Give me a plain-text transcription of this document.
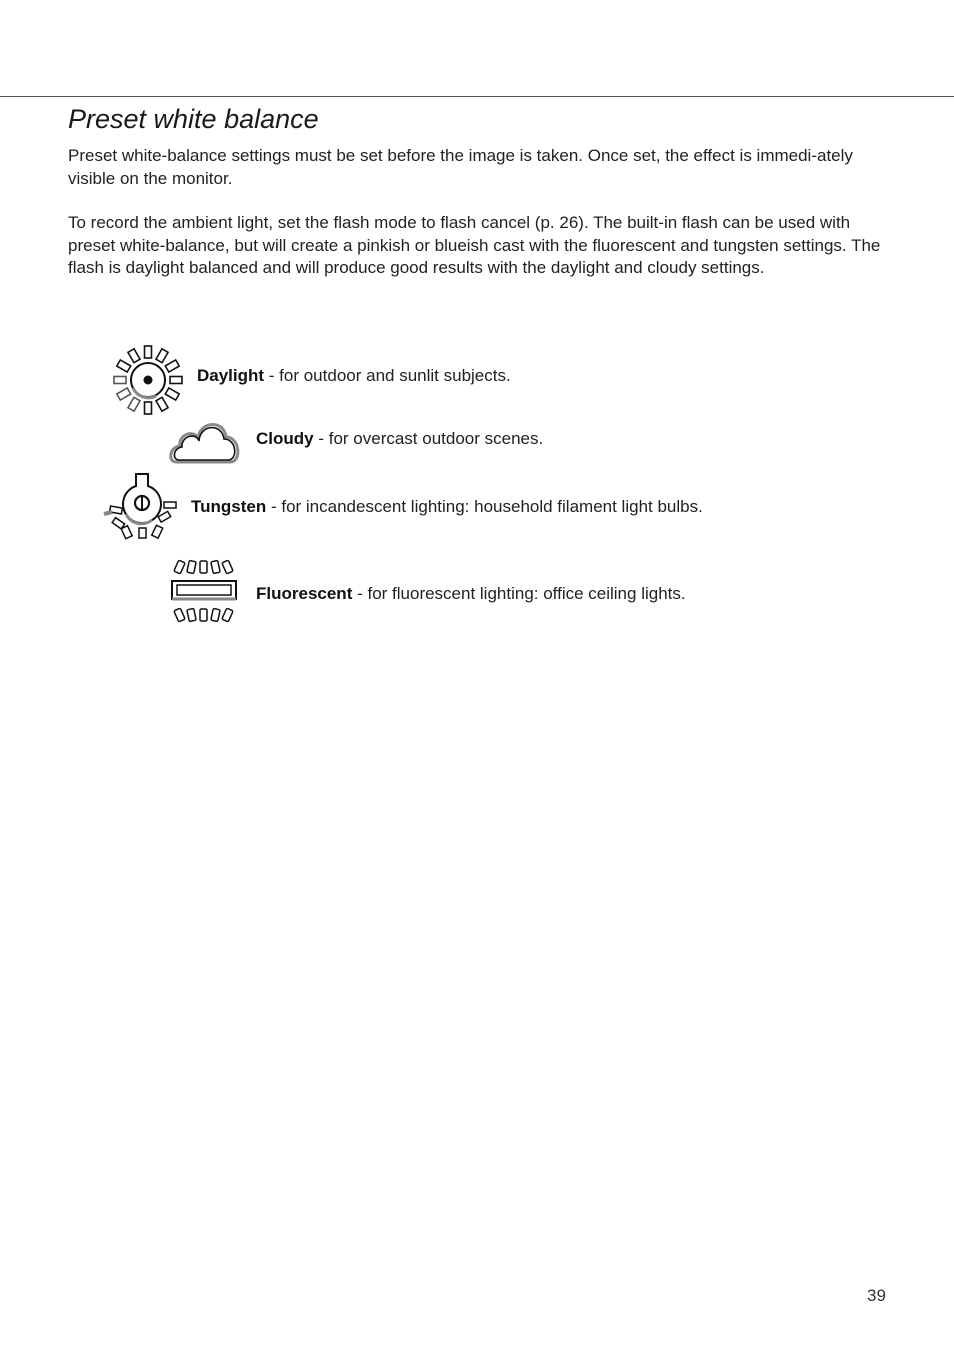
Preset white balance

Preset white-balance settings must be set before the image is taken. Once set, the effect is immedi-ately visible on the monitor.

To record the ambient light, set the flash mode to flash cancel (p. 26). The built-in flash can be used with preset white-balance, but will create a pinkish or blueish cast with the fluorescent and tungsten settings. The flash is daylight balanced and will produce good results with the daylight and cloudy settings.

Daylight - for outdoor and sunlit subjects.
Cloudy - for overcast outdoor scenes.
Tungsten - for incandescent lighting: household filament light bulbs.
Fluorescent - for fluorescent lighting: office ceiling lights.
39
